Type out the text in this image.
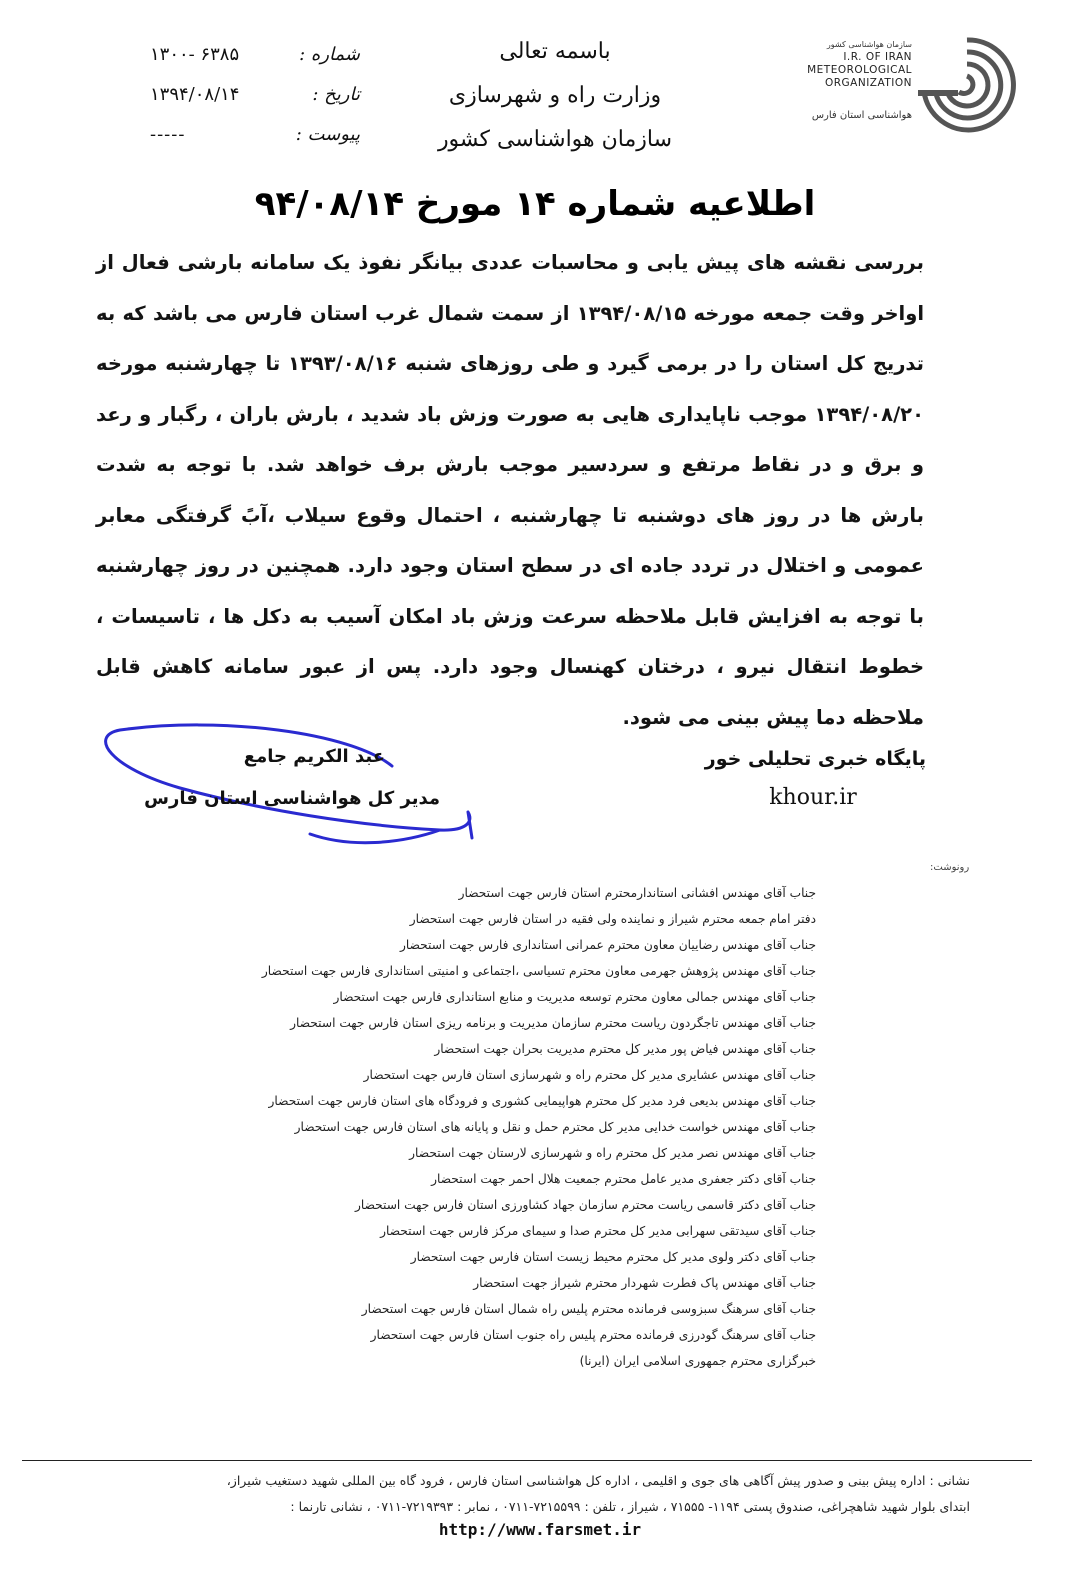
سازمان هواشناسی کشور
I.R. OF IRAN
METEOROLOGICAL
ORGANIZATION
هواشناسی استان فارس
باسمه تعالی
وزارت راه و شهرسازی
سازمان هواشناسی کشور
شماره :
۱۳۰۰- ۶۳۸۵
تاریخ :
۱۳۹۴/۰۸/۱۴
پیوست :
-----
اطلاعیه شماره ۱۴ مورخ ۹۴/۰۸/۱۴
بررسی نقشه های پیش یابی و محاسبات عددی بیانگر نفوذ یک سامانه بارشی فعال از اواخر وقت جمعه مورخه ۱۳۹۴/۰۸/۱۵ از سمت شمال غرب استان فارس می باشد که به تدریج کل استان را در برمی گیرد و طی روزهای شنبه ۱۳۹۳/۰۸/۱۶ تا چهارشنبه مورخه ۱۳۹۴/۰۸/۲۰ موجب ناپایداری هایی به صورت وزش باد شدید ، بارش باران ، رگبار و رعد و برق و در نقاط مرتفع و سردسیر موجب بارش برف خواهد شد. با توجه به شدت بارش ها در روز های دوشنبه تا چهارشنبه ، احتمال وقوع سیلاب ،آبً گرفتگی معابر عمومی و اختلال در تردد جاده ای در سطح استان وجود دارد. همچنین در روز چهارشنبه با توجه به افزایش قابل ملاحظه سرعت وزش باد امکان آسیب به دکل ها ، تاسیسات ، خطوط انتقال نیرو ، درختان کهنسال وجود دارد. پس از عبور سامانه کاهش قابل ملاحظه دما پیش بینی می شود.
عبد الکریم جامع
مدیر کل هواشناسی استان فارس
پایگاه خبری تحلیلی خور
khour.ir
رونوشت:
جناب آقای مهندس افشانی استاندارمحترم استان فارس جهت استحضار
دفتر امام جمعه محترم شیراز و نماینده ولی فقیه در استان فارس جهت استحضار
جناب آقای مهندس رضاییان معاون محترم عمرانی استانداری فارس جهت استحضار
جناب آقای مهندس پژوهش جهرمی معاون محترم تسیاسی ،اجتماعی و امنیتی استانداری فارس جهت استحضار
جناب آقای مهندس جمالی معاون محترم توسعه مدیریت و منابع استانداری فارس جهت استحضار
جناب آقای مهندس تاجگردون ریاست محترم سازمان مدیریت و برنامه ریزی استان فارس جهت استحضار
جناب آقای مهندس فیاض پور مدیر کل محترم مدیریت بحران جهت استحضار
جناب آقای مهندس عشایری مدیر کل محترم راه و شهرسازی استان فارس جهت استحضار
جناب آقای مهندس بدیعی فرد مدیر کل محترم هواپیمایی کشوری و فرودگاه های استان فارس جهت استحضار
جناب آقای مهندس خواست خدایی مدیر کل محترم حمل و نقل و پایانه های استان فارس جهت استحضار
جناب آقای مهندس نصر مدیر کل محترم راه و شهرسازی لارستان جهت استحضار
جناب آقای دکتر جعفری مدیر عامل محترم جمعیت هلال احمر جهت استحضار
جناب آقای دکتر قاسمی ریاست محترم سازمان جهاد کشاورزی استان فارس جهت استحضار
جناب آقای سیدتقی سهرابی مدیر کل محترم صدا و سیمای مرکز فارس جهت استحضار
جناب آقای دکتر ولوی مدیر کل محترم محیط زیست استان فارس جهت استحضار
جناب آقای مهندس پاک فطرت شهردار محترم شیراز جهت استحضار
جناب آقای سرهنگ سبزوسی فرمانده محترم پلیس راه شمال استان فارس جهت استحضار
جناب آقای سرهنگ گودرزی فرمانده محترم پلیس راه جنوب استان فارس جهت استحضار
خبرگزاری محترم جمهوری اسلامی ایران (ایرنا)
نشانی : اداره پیش بینی و صدور پیش آگاهی های جوی و اقلیمی ، اداره کل هواشناسی استان فارس ، فرود گاه بین المللی شهید دستغیب شیراز،
ابتدای بلوار شهید شاهچراغی، صندوق پستی ۱۱۹۴- ۷۱۵۵۵ ، شیراز ، تلفن : ۷۲۱۵۵۹۹-۰۷۱۱ ، نمابر : ۷۲۱۹۳۹۳-۰۷۱۱ ، نشانی تارنما :
http://www.farsmet.ir
